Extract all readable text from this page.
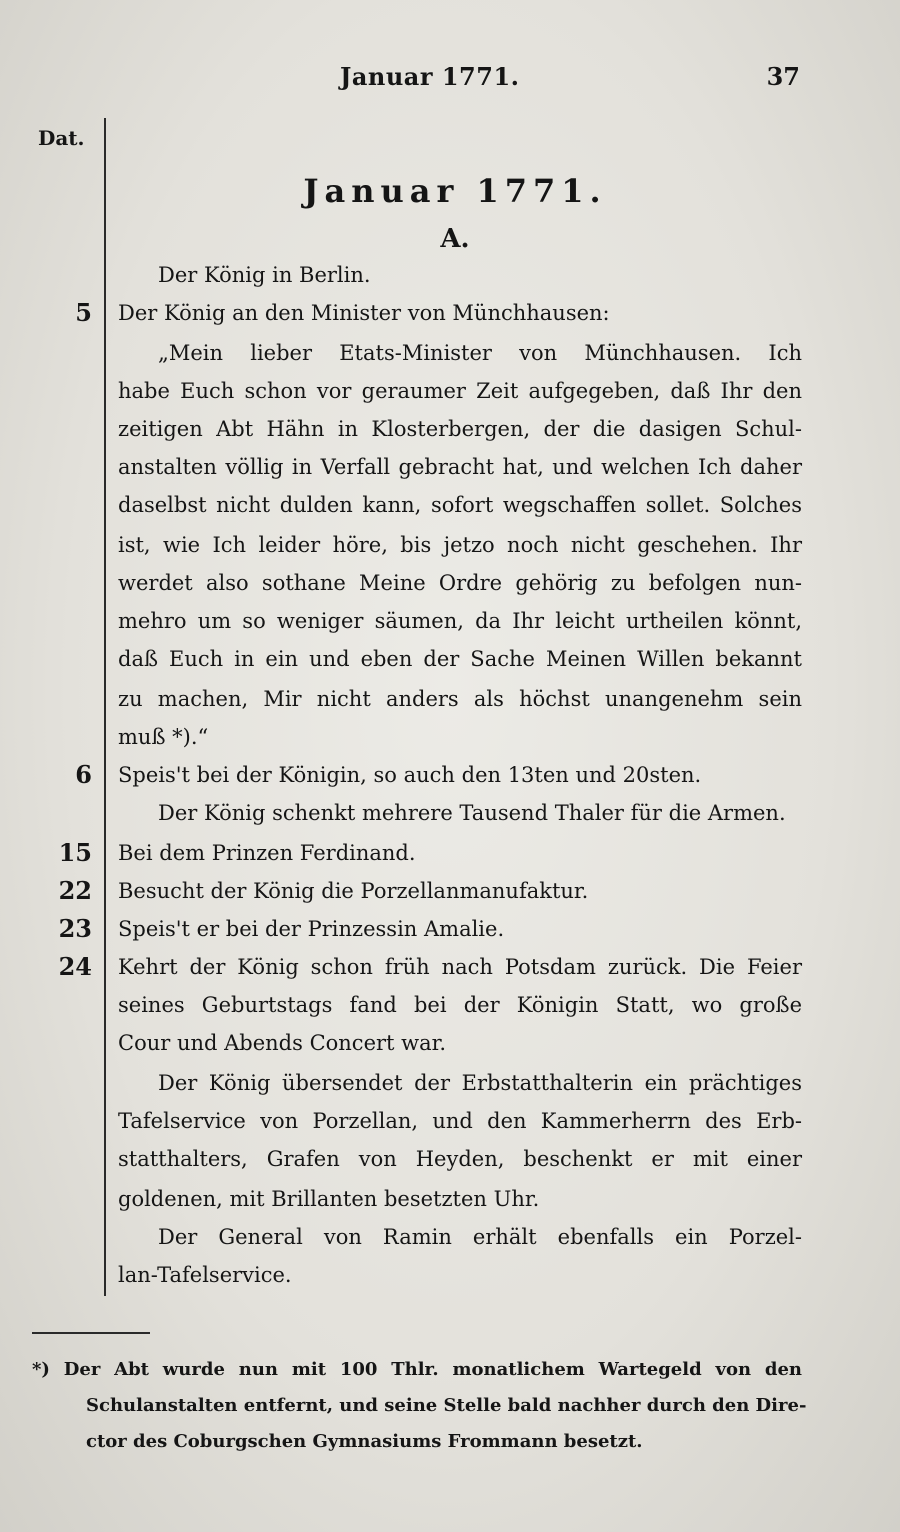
Januar 1771.	37
Dat.
Januar 1771.
A.
Der König in Berlin.
5 Der König an den Minister von Münchhausen:
„Mein lieber Etats-Minister von Münchhausen. Ich
habe Euch schon vor geraumer Zeit aufgegeben, daß Ihr den
zeitigen Abt Hähn in Klosterbergen, der die dasigen Schul-
anstalten völlig in Verfall gebracht hat, und welchen Ich daher
daselbst nicht dulden kann, sofort wegschaffen sollet. Solches
ist, wie Ich leider höre, bis jetzo noch nicht geschehen. Ihr
werdet also sothane Meine Ordre gehörig zu befolgen nun-
mehro um so weniger säumen, da Ihr leicht urtheilen könnt,
daß Euch in ein und eben der Sache Meinen Willen bekannt
zu machen, Mir nicht anders als höchst unangenehm sein
muß *).“
6 Speis't bei der Königin, so auch den 13ten und 20sten.
Der König schenkt mehrere Tausend Thaler für die Armen.
15 Bei dem Prinzen Ferdinand.
22 Besucht der König die Porzellanmanufaktur.
23 Speis't er bei der Prinzessin Amalie.
24 Kehrt der König schon früh nach Potsdam zurück. Die Feier
seines Geburtstags fand bei der Königin Statt, wo große
Cour und Abends Concert war.
Der König übersendet der Erbstatthalterin ein prächtiges
Tafelservice von Porzellan, und den Kammerherrn des Erb-
statthalters, Grafen von Heyden, beschenkt er mit einer
goldenen, mit Brillanten besetzten Uhr.
Der General von Ramin erhält ebenfalls ein Porzel-
lan-Tafelservice.
*) Der Abt wurde nun mit 100 Thlr. monatlichem Wartegeld von den
Schulanstalten entfernt, und seine Stelle bald nachher durch den Dire-
ctor des Coburgschen Gymnasiums Frommann besetzt.
